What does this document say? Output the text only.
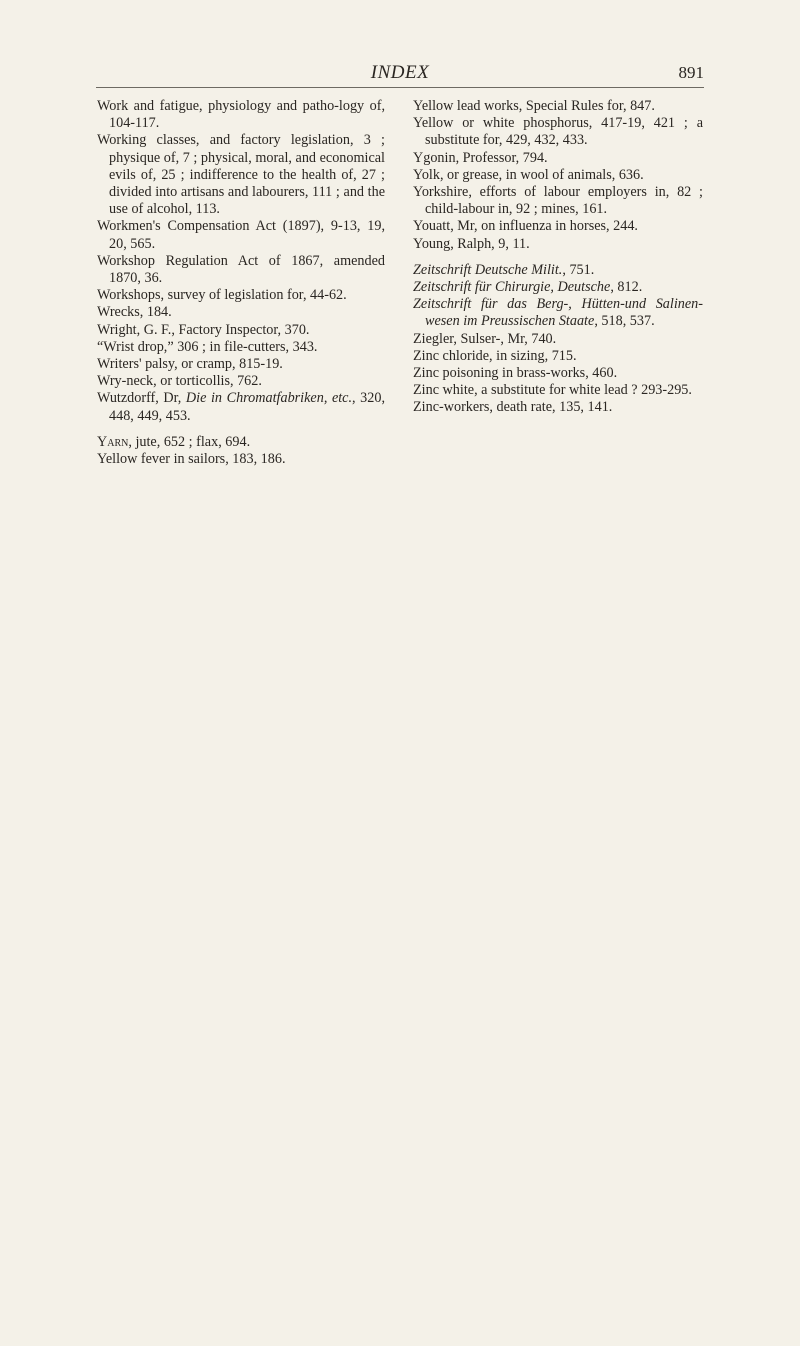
INDEX	891

Work and fatigue, physiology and patho-logy of, 104-117.

Working classes, and factory legislation, 3 ; physique of, 7 ; physical, moral, and economical evils of, 25 ; indifference to the health of, 27 ; divided into artisans and labourers, 111 ; and the use of alcohol, 113.

Workmen's Compensation Act (1897), 9-13, 19, 20, 565.

Workshop Regulation Act of 1867, amended 1870, 36.

Workshops, survey of legislation for, 44-62.

Wrecks, 184.

Wright, G. F., Factory Inspector, 370.

“Wrist drop,” 306 ; in file-cutters, 343.

Writers' palsy, or cramp, 815-19.

Wry-neck, or torticollis, 762.

Wutzdorff, Dr, Die in Chromatfabriken, etc., 320, 448, 449, 453.

Yarn, jute, 652 ; flax, 694.

Yellow fever in sailors, 183, 186.

Yellow lead works, Special Rules for, 847.

Yellow or white phosphorus, 417-19, 421 ; a substitute for, 429, 432, 433.

Ygonin, Professor, 794.

Yolk, or grease, in wool of animals, 636.

Yorkshire, efforts of labour employers in, 82 ; child-labour in, 92 ; mines, 161.

Youatt, Mr, on influenza in horses, 244.

Young, Ralph, 9, 11.

Zeitschrift Deutsche Milit., 751.

Zeitschrift für Chirurgie, Deutsche, 812.

Zeitschrift für das Berg-, Hütten-und Salinen-wesen im Preussischen Staate, 518, 537.

Ziegler, Sulser-, Mr, 740.

Zinc chloride, in sizing, 715.

Zinc poisoning in brass-works, 460.

Zinc white, a substitute for white lead ? 293-295.

Zinc-workers, death rate, 135, 141.
